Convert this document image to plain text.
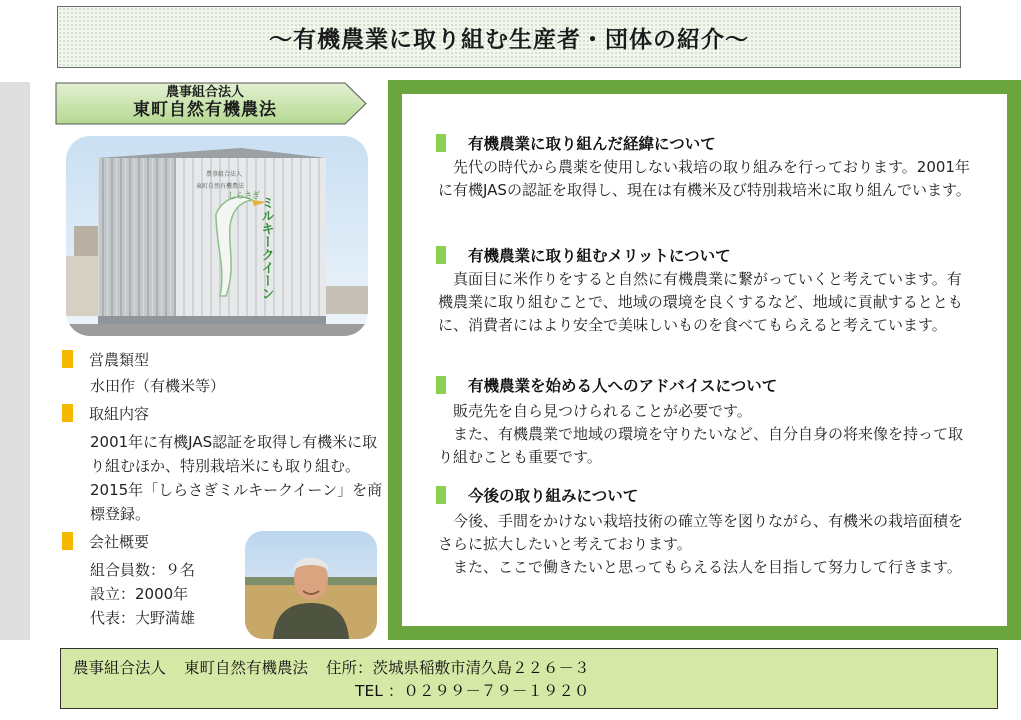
～有機農業に取り組む生産者・団体の紹介～
農事組合法人
東町自然有機農法
農事組合法人
東町自然有機農法
しらさぎ
ミルキークイーン
営農類型
水田作（有機米等）
取組内容
2001年に有機JAS認証を取得し有機米に取り組むほか、特別栽培米にも取り組む。2015年「しらさぎミルキークイーン」を商標登録。
会社概要
組合員数：９名
設立：2000年
代表：大野満雄
有機農業に取り組んだ経緯について
　先代の時代から農薬を使用しない栽培の取り組みを行っております。2001年に有機JASの認証を取得し、現在は有機米及び特別栽培米に取り組んでいます。
有機農業に取り組むメリットについて
　真面目に米作りをすると自然に有機農業に繋がっていくと考えています。有機農業に取り組むことで、地域の環境を良くするなど、地域に貢献するとともに、消費者にはより安全で美味しいものを食べてもらえると考えています。
有機農業を始める人へのアドバイスについて
　販売先を自ら見つけられることが必要です。
　また、有機農業で地域の環境を守りたいなど、自分自身の将来像を持って取り組むことも重要です。
今後の取り組みについて
　今後、手間をかけない栽培技術の確立等を図りながら、有機米の栽培面積をさらに拡大したいと考えております。
　また、ここで働きたいと思ってもらえる法人を目指して努力して行きます。
農事組合法人 東町自然有機農法 住所：茨城県稲敷市清久島２２６－３
TEL ：０２９９－７９－１９２０
